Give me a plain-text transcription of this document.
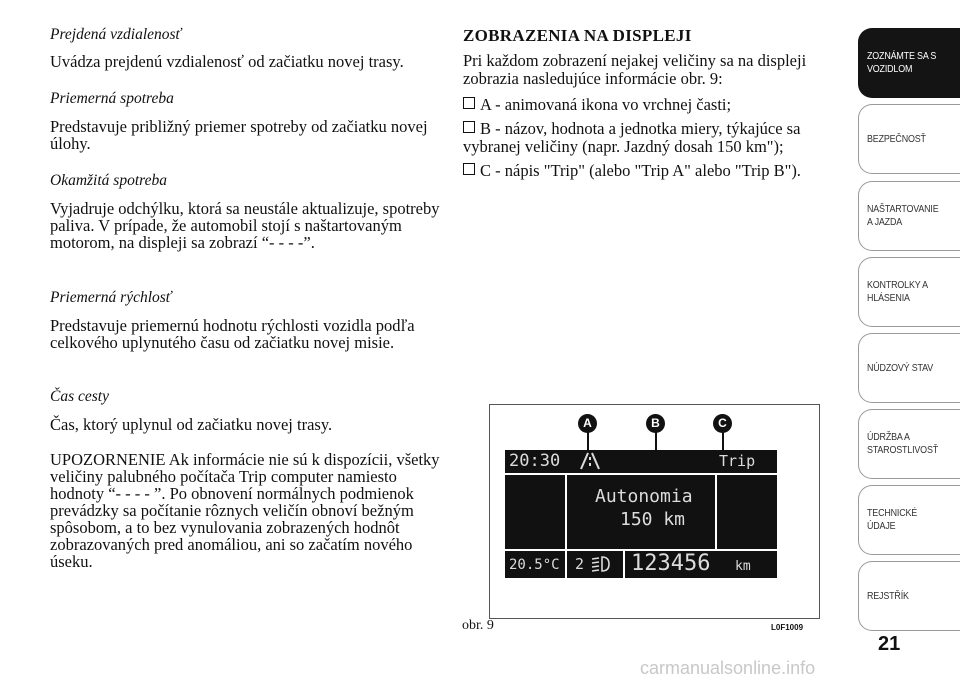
Prejdená vzdialenosť

Uvádza prejdenú vzdialenosť od začiatku novej trasy.

Priemerná spotreba

Predstavuje približný priemer spotreby od začiatku novej úlohy.

Okamžitá spotreba

Vyjadruje odchýlku, ktorá sa neustále aktualizuje, spotreby paliva. V prípade, že automobil stojí s naštartovaným motorom, na displeji sa zobrazí “- - - -”.

Priemerná rýchlosť

Predstavuje priemernú hodnotu rýchlosti vozidla podľa celkového uplynutého času od začiatku novej misie.

Čas cesty

Čas, ktorý uplynul od začiatku novej trasy.

UPOZORNENIE Ak informácie nie sú k dispozícii, všetky veličiny palubného počítača Trip computer namiesto hodnoty “- - - - ”. Po obnovení normálnych podmienok prevádzky sa počítanie rôznych veličín obnoví bežným spôsobom, a to bez vynulovania zobrazených hodnôt zobrazovaných pred anomáliou, ani so začatím nového úseku.

ZOBRAZENIA NA DISPLEJI

Pri každom zobrazení nejakej veličiny sa na displeji zobrazia nasledujúce informácie obr. 9:

A - animovaná ikona vo vrchnej časti;
B - názov, hodnota a jednotka miery, týkajúce sa
vybranej veličiny (napr. Jazdný dosah 150 km");
C - nápis "Trip" (alebo "Trip A" alebo "Trip B").
A	B	C
20:30	Trip
Autonomia
150 km
20.5°C 2 123456 km
obr. 9	L0F1009
ZOZNÁMTE SA S
VOZIDLOM
BEZPEČNOSŤ
NAŠTARTOVANIE
A JAZDA
KONTROLKY A
HLÁSENIA
NÚDZOVÝ STAV
ÚDRŽBA A
STAROSTLIVOSŤ
TECHNICKÉ
ÚDAJE
REJSTŘÍK
21
carmanualsonline.info
